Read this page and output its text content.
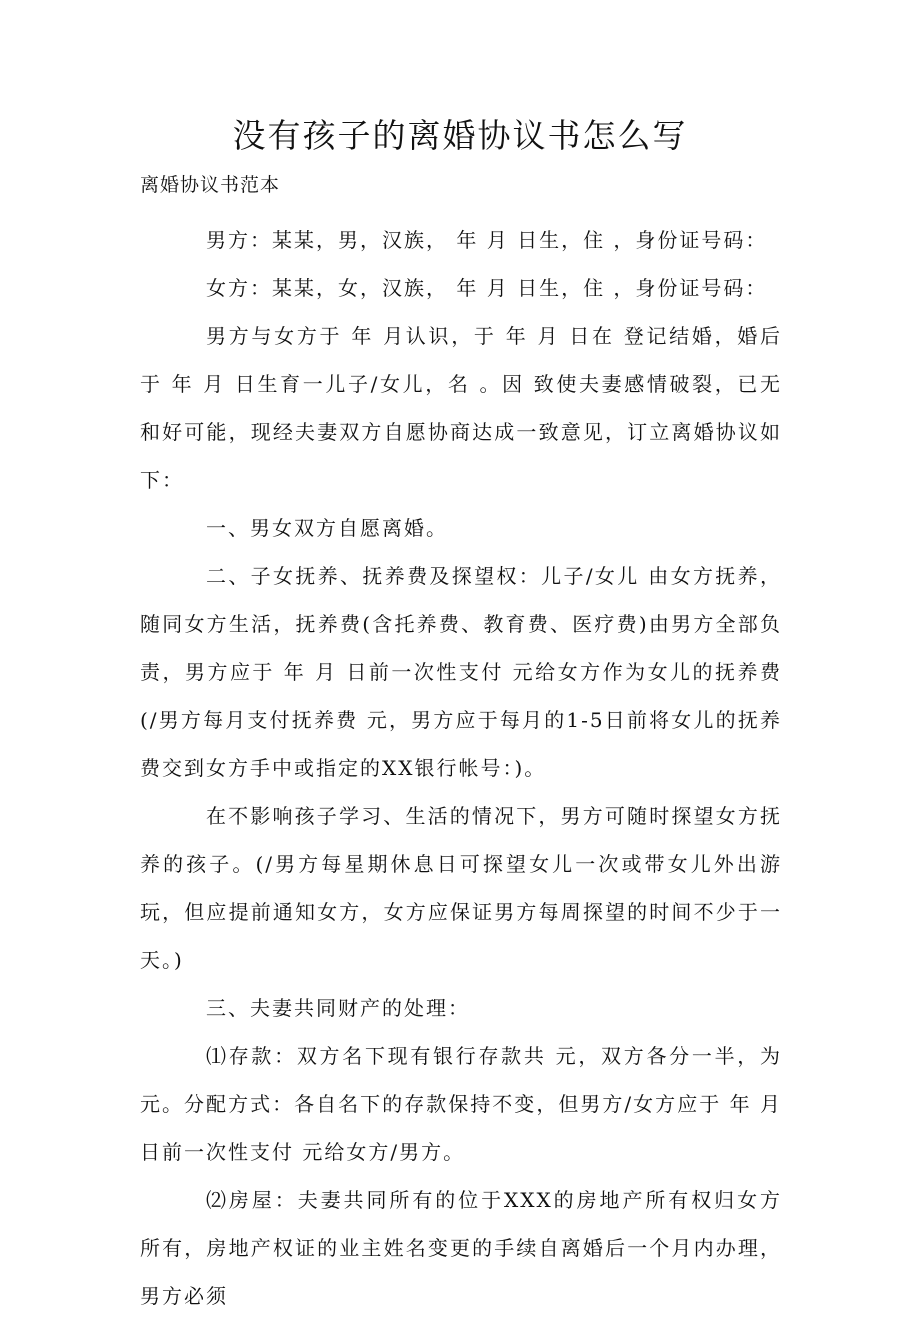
没有孩子的离婚协议书怎么写
离婚协议书范本

男方：某某，男，汉族， 年 月 日生，住 ，身份证号码：

女方：某某，女，汉族， 年 月 日生，住 ，身份证号码：

男方与女方于 年 月认识，于 年 月 日在 登记结婚，婚后于 年 月 日生育一儿子/女儿，名 。因 致使夫妻感情破裂，已无和好可能，现经夫妻双方自愿协商达成一致意见，订立离婚协议如下：

一、男女双方自愿离婚。

二、子女抚养、抚养费及探望权：儿子/女儿 由女方抚养，随同女方生活，抚养费(含托养费、教育费、医疗费)由男方全部负责，男方应于 年 月 日前一次性支付 元给女方作为女儿的抚养费(/男方每月支付抚养费 元，男方应于每月的1-5日前将女儿的抚养费交到女方手中或指定的XX银行帐号：)。

在不影响孩子学习、生活的情况下，男方可随时探望女方抚养的孩子。(/男方每星期休息日可探望女儿一次或带女儿外出游玩，但应提前通知女方，女方应保证男方每周探望的时间不少于一天。)

三、夫妻共同财产的处理：

⑴存款：双方名下现有银行存款共 元，双方各分一半，为 元。分配方式：各自名下的存款保持不变，但男方/女方应于 年 月 日前一次性支付 元给女方/男方。

⑵房屋：夫妻共同所有的位于XXX的房地产所有权归女方所有，房地产权证的业主姓名变更的手续自离婚后一个月内办理，男方必须
